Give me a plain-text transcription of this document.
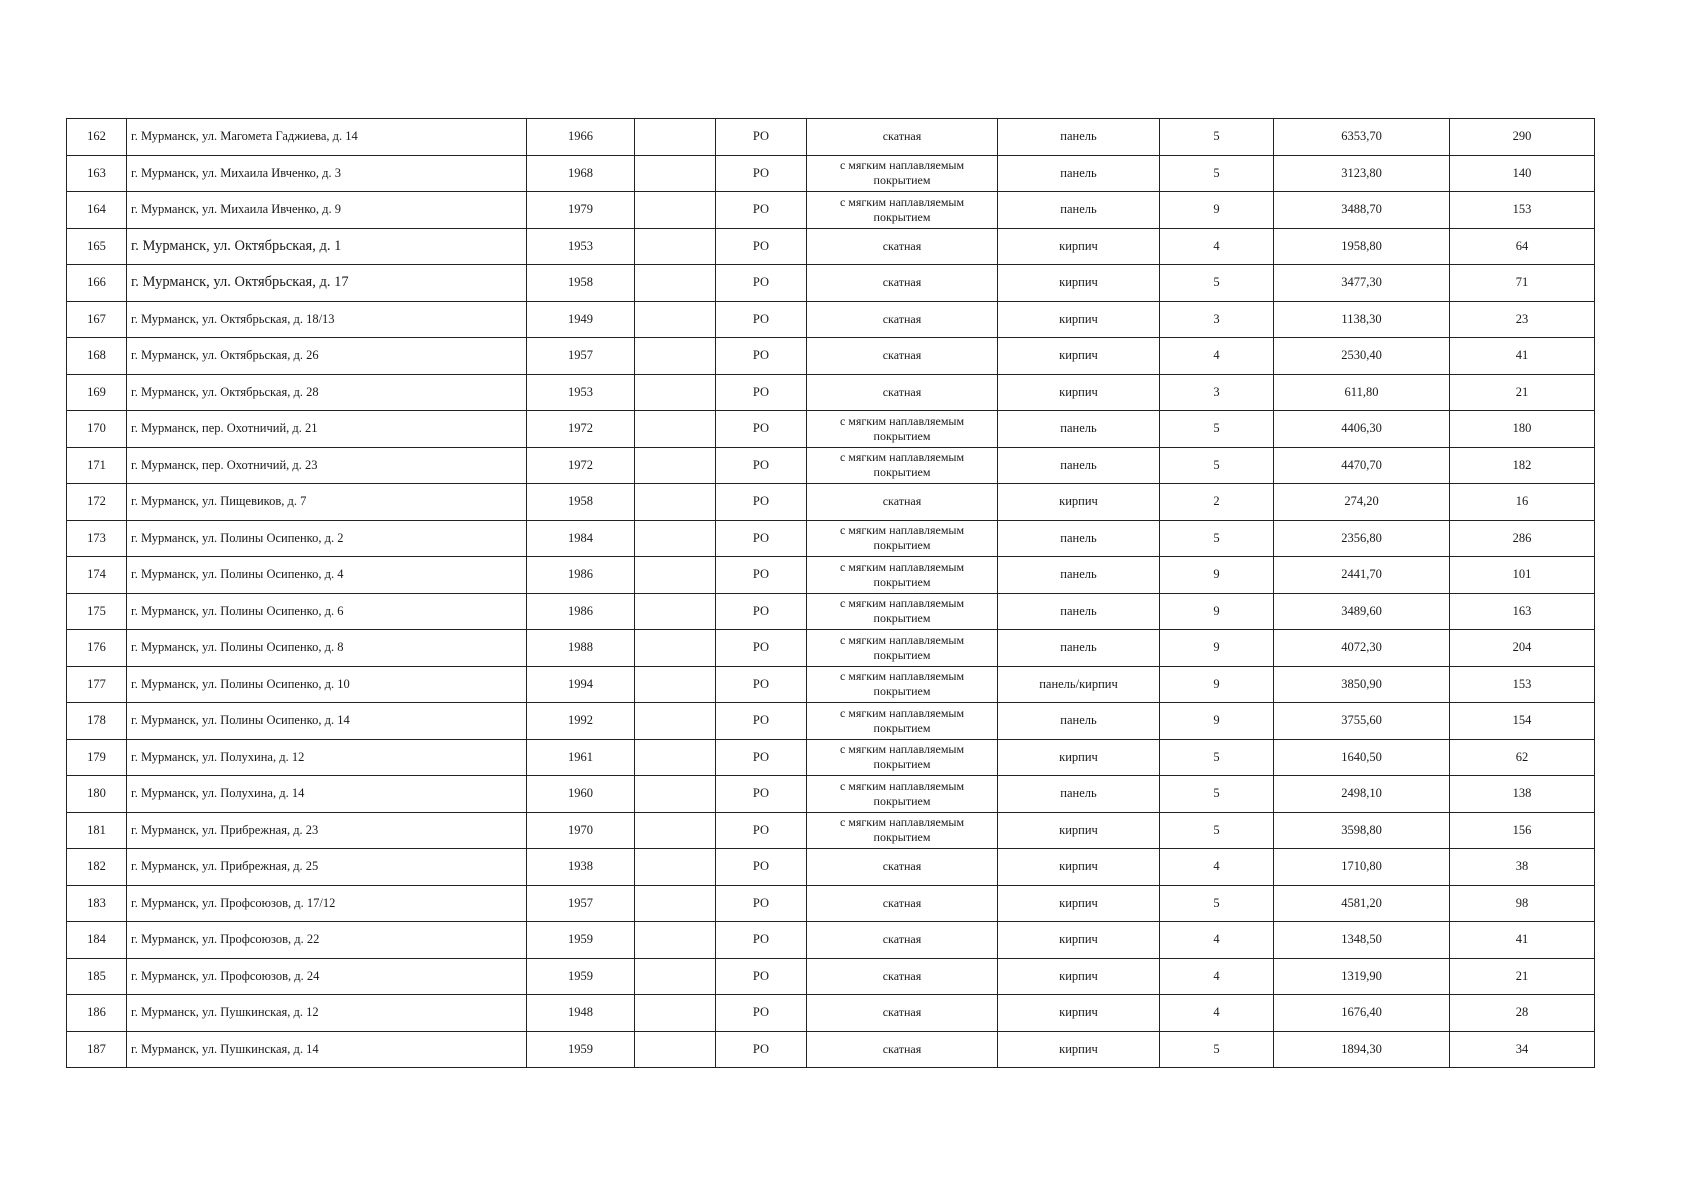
162	г. Мурманск, ул. Магомета Гаджиева, д. 14	1966		РО	скатная	панель	5	6353,70	290
163	г. Мурманск, ул. Михаила Ивченко, д. 3	1968		РО	с мягким наплавляемым покрытием	панель	5	3123,80	140
164	г. Мурманск, ул. Михаила Ивченко, д. 9	1979		РО	с мягким наплавляемым покрытием	панель	9	3488,70	153
165	г. Мурманск, ул. Октябрьская, д. 1	1953		РО	скатная	кирпич	4	1958,80	64
166	г. Мурманск, ул. Октябрьская, д. 17	1958		РО	скатная	кирпич	5	3477,30	71
167	г. Мурманск, ул. Октябрьская, д. 18/13	1949		РО	скатная	кирпич	3	1138,30	23
168	г. Мурманск, ул. Октябрьская, д. 26	1957		РО	скатная	кирпич	4	2530,40	41
169	г. Мурманск, ул. Октябрьская, д. 28	1953		РО	скатная	кирпич	3	611,80	21
170	г. Мурманск, пер. Охотничий, д. 21	1972		РО	с мягким наплавляемым покрытием	панель	5	4406,30	180
171	г. Мурманск, пер. Охотничий, д. 23	1972		РО	с мягким наплавляемым покрытием	панель	5	4470,70	182
172	г. Мурманск, ул. Пищевиков, д. 7	1958		РО	скатная	кирпич	2	274,20	16
173	г. Мурманск, ул. Полины Осипенко, д. 2	1984		РО	с мягким наплавляемым покрытием	панель	5	2356,80	286
174	г. Мурманск, ул. Полины Осипенко, д. 4	1986		РО	с мягким наплавляемым покрытием	панель	9	2441,70	101
175	г. Мурманск, ул. Полины Осипенко, д. 6	1986		РО	с мягким наплавляемым покрытием	панель	9	3489,60	163
176	г. Мурманск, ул. Полины Осипенко, д. 8	1988		РО	с мягким наплавляемым покрытием	панель	9	4072,30	204
177	г. Мурманск, ул. Полины Осипенко, д. 10	1994		РО	с мягким наплавляемым покрытием	панель/кирпич	9	3850,90	153
178	г. Мурманск, ул. Полины Осипенко, д. 14	1992		РО	с мягким наплавляемым покрытием	панель	9	3755,60	154
179	г. Мурманск, ул. Полухина, д. 12	1961		РО	с мягким наплавляемым покрытием	кирпич	5	1640,50	62
180	г. Мурманск, ул. Полухина, д. 14	1960		РО	с мягким наплавляемым покрытием	панель	5	2498,10	138
181	г. Мурманск, ул. Прибрежная, д. 23	1970		РО	с мягким наплавляемым покрытием	кирпич	5	3598,80	156
182	г. Мурманск, ул. Прибрежная, д. 25	1938		РО	скатная	кирпич	4	1710,80	38
183	г. Мурманск, ул. Профсоюзов, д. 17/12	1957		РО	скатная	кирпич	5	4581,20	98
184	г. Мурманск, ул. Профсоюзов, д. 22	1959		РО	скатная	кирпич	4	1348,50	41
185	г. Мурманск, ул. Профсоюзов, д. 24	1959		РО	скатная	кирпич	4	1319,90	21
186	г. Мурманск, ул. Пушкинская, д. 12	1948		РО	скатная	кирпич	4	1676,40	28
187	г. Мурманск, ул. Пушкинская, д. 14	1959		РО	скатная	кирпич	5	1894,30	34
